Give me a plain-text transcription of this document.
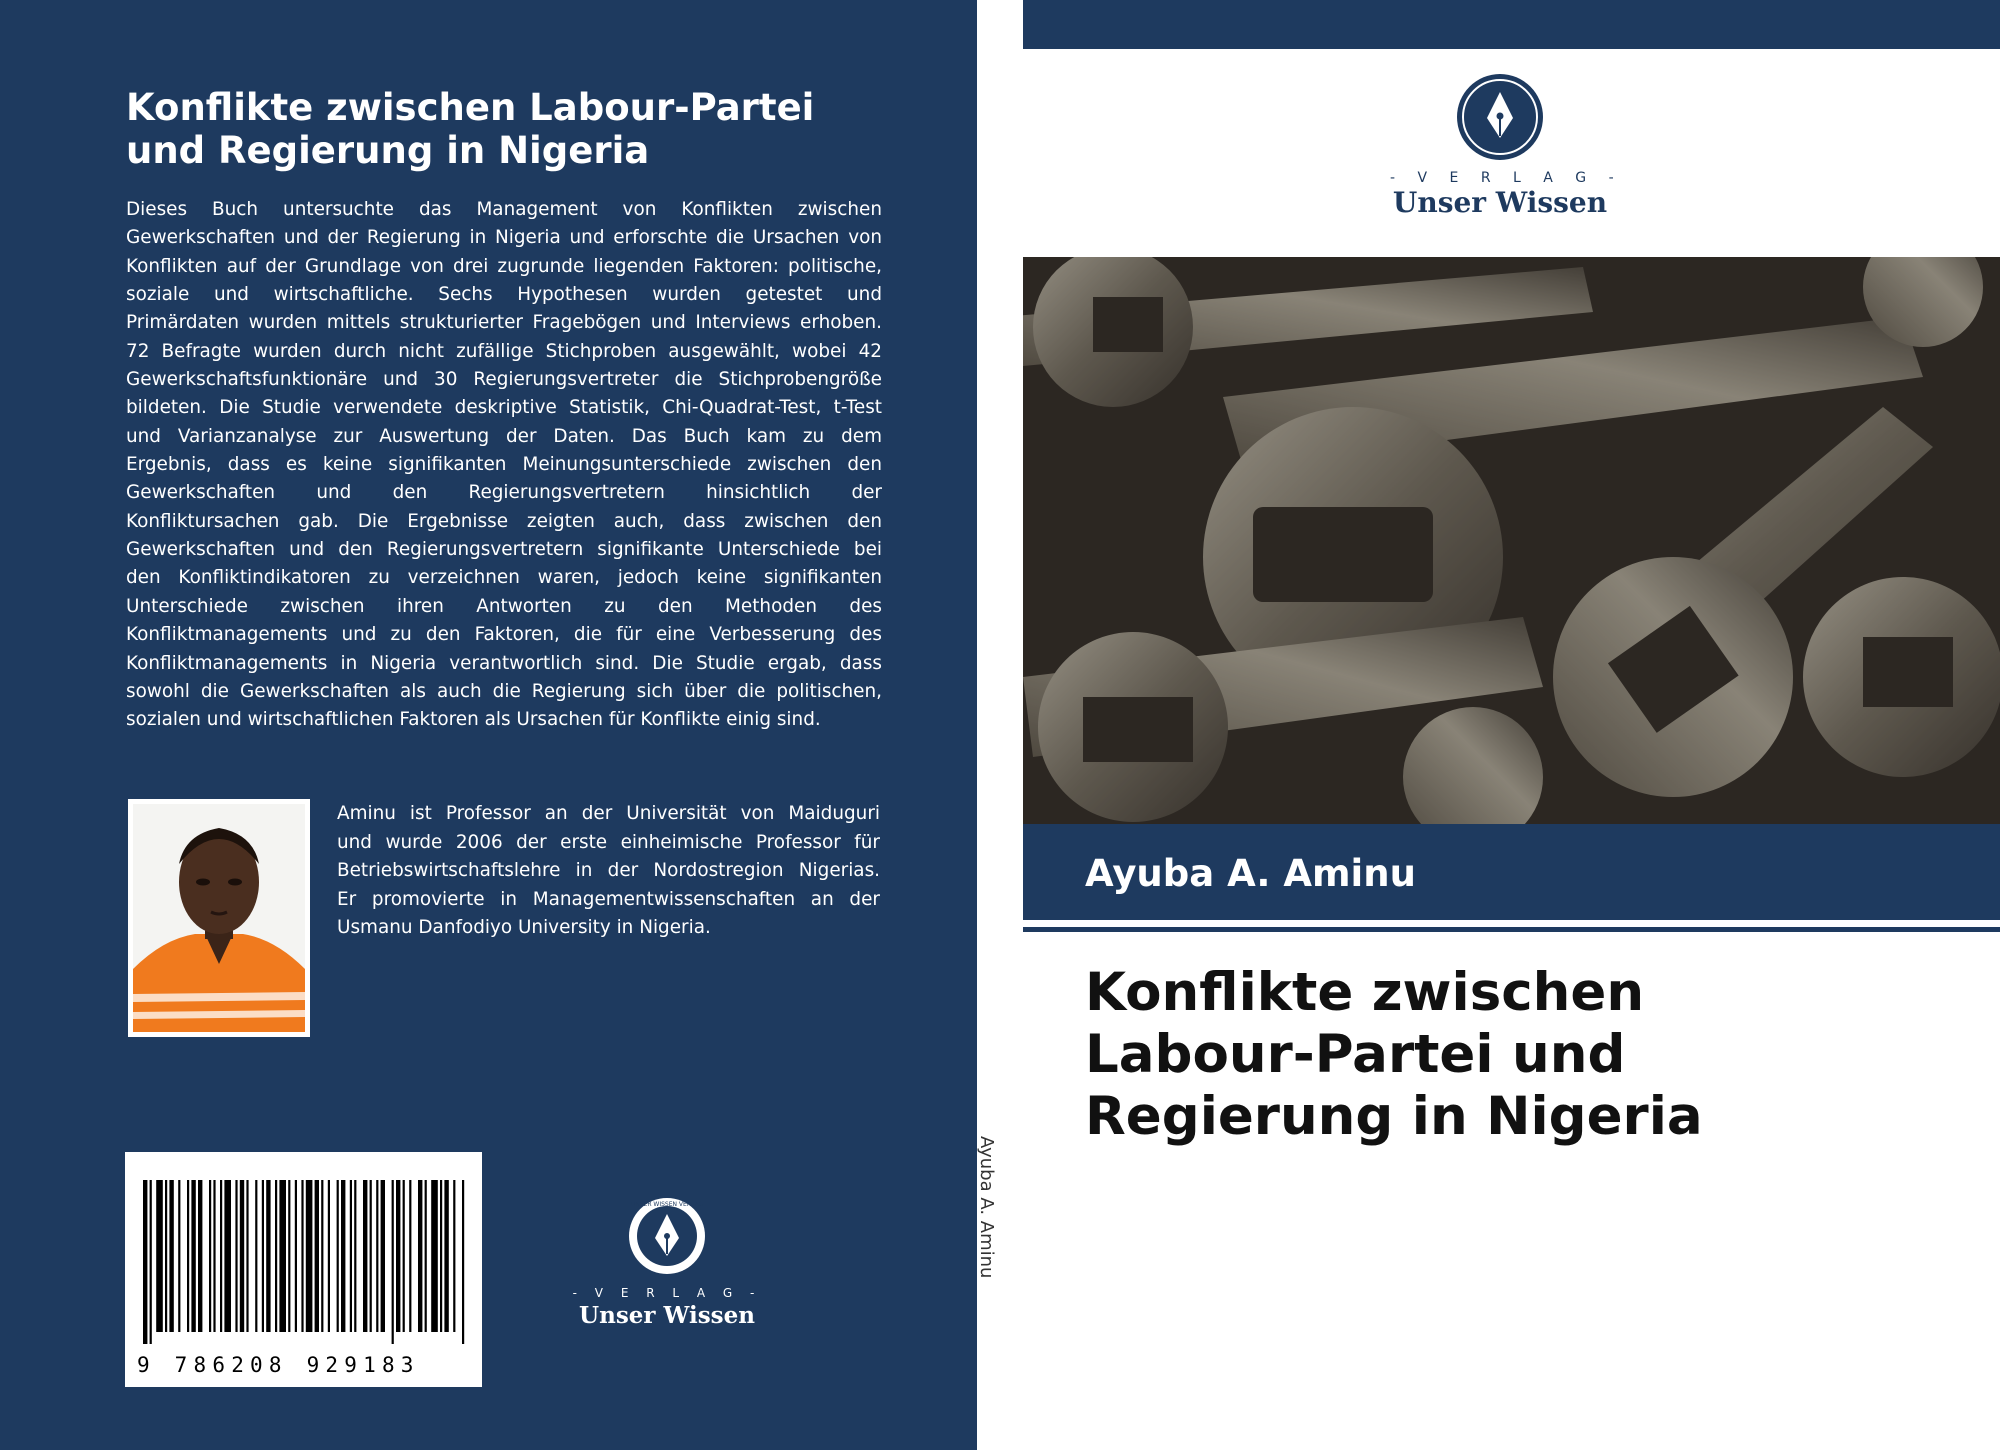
Konflikte zwischen Labour-Partei
und Regierung in Nigeria
Dieses Buch untersuchte das Management von Konflikten zwischen
Gewerkschaften und der Regierung in Nigeria und erforschte die Ursachen von
Konflikten auf der Grundlage von drei zugrunde liegenden Faktoren: politische,
soziale und wirtschaftliche. Sechs Hypothesen wurden getestet und
Primärdaten wurden mittels strukturierter Fragebögen und Interviews erhoben.
72 Befragte wurden durch nicht zufällige Stichproben ausgewählt, wobei 42
Gewerkschaftsfunktionäre und 30 Regierungsvertreter die Stichprobengröße
bildeten. Die Studie verwendete deskriptive Statistik, Chi-Quadrat-Test, t-Test
und Varianzanalyse zur Auswertung der Daten. Das Buch kam zu dem
Ergebnis, dass es keine signifikanten Meinungsunterschiede zwischen den
Gewerkschaften und den Regierungsvertretern hinsichtlich der
Konfliktursachen gab. Die Ergebnisse zeigten auch, dass zwischen den
Gewerkschaften und den Regierungsvertretern signifikante Unterschiede bei
den Konfliktindikatoren zu verzeichnen waren, jedoch keine signifikanten
Unterschiede zwischen ihren Antworten zu den Methoden des
Konfliktmanagements und zu den Faktoren, die für eine Verbesserung des
Konfliktmanagements in Nigeria verantwortlich sind. Die Studie ergab, dass
sowohl die Gewerkschaften als auch die Regierung sich über die politischen,
sozialen und wirtschaftlichen Faktoren als Ursachen für Konflikte einig sind.
Aminu ist Professor an der Universität von Maiduguri
und wurde 2006 der erste einheimische Professor für
Betriebswirtschaftslehre in der Nordostregion Nigerias.
Er promovierte in Managementwissenschaften an der
Usmanu Danfodiyo University in Nigeria.
9 786208 929183
UNSER WISSEN VERLAG
- V E R L A G -
Unser Wissen
Ayuba A. Aminu
- V E R L A G -
Unser Wissen
Ayuba A. Aminu
Konflikte zwischen
Labour-Partei und
Regierung in Nigeria
